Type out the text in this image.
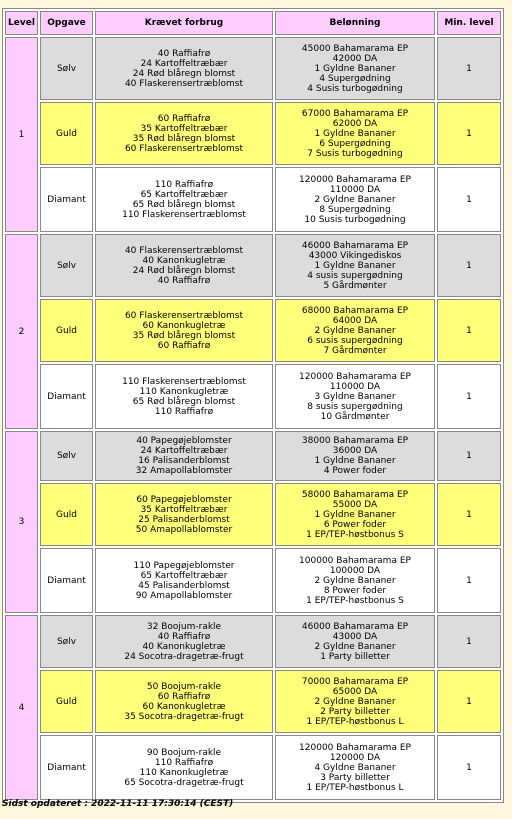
Level	Opgave	Krævet forbrug	Belønning	Min. level
1	Sølv	40 Raffiafrø
24 Kartoffeltræbær
24 Rød blåregn blomst
40 Flaskerensertræblomst	45000 Bahamarama EP
42000 DA
1 Gyldne Bananer
4 Supergødning
4 Susis turbogødning	1
	Guld	60 Raffiafrø
35 Kartoffeltræbær
35 Rød blåregn blomst
60 Flaskerensertræblomst	67000 Bahamarama EP
62000 DA
1 Gyldne Bananer
6 Supergødning
7 Susis turbogødning	1
	Diamant	110 Raffiafrø
65 Kartoffeltræbær
65 Rød blåregn blomst
110 Flaskerensertræblomst	120000 Bahamarama EP
110000 DA
2 Gyldne Bananer
8 Supergødning
10 Susis turbogødning	1
2	Sølv	40 Flaskerensertræblomst
40 Kanonkugletræ
24 Rød blåregn blomst
40 Raffiafrø	46000 Bahamarama EP
43000 Vikingediskos
1 Gyldne Bananer
4 susis supergødning
5 Gårdmønter	1
	Guld	60 Flaskerensertræblomst
60 Kanonkugletræ
35 Rød blåregn blomst
60 Raffiafrø	68000 Bahamarama EP
64000 DA
2 Gyldne Bananer
6 susis supergødning
7 Gårdmønter	1
	Diamant	110 Flaskerensertræblomst
110 Kanonkugletræ
65 Rød blåregn blomst
110 Raffiafrø	120000 Bahamarama EP
110000 DA
3 Gyldne Bananer
8 susis supergødning
10 Gårdmønter	1
3	Sølv	40 Papegøjeblomster
24 Kartoffeltræbær
16 Palisanderblomst
32 Amapollablomster	38000 Bahamarama EP
36000 DA
1 Gyldne Bananer
4 Power foder	1
	Guld	60 Papegøjeblomster
35 Kartoffeltræbær
25 Palisanderblomst
50 Amapollablomster	58000 Bahamarama EP
55000 DA
1 Gyldne Bananer
6 Power foder
1 EP/TEP-høstbonus S	1
	Diamant	110 Papegøjeblomster
65 Kartoffeltræbær
45 Palisanderblomst
90 Amapollablomster	100000 Bahamarama EP
100000 DA
2 Gyldne Bananer
8 Power foder
1 EP/TEP-høstbonus S	1
4	Sølv	32 Boojum-rakle
40 Raffiafrø
40 Kanonkugletræ
24 Socotra-dragetræ-frugt	46000 Bahamarama EP
43000 DA
2 Gyldne Bananer
1 Party billetter	1
	Guld	50 Boojum-rakle
60 Raffiafrø
60 Kanonkugletræ
35 Socotra-dragetræ-frugt	70000 Bahamarama EP
65000 DA
2 Gyldne Bananer
2 Party billetter
1 EP/TEP-høstbonus L	1
	Diamant	90 Boojum-rakle
110 Raffiafrø
110 Kanonkugletræ
65 Socotra-dragetræ-frugt	120000 Bahamarama EP
120000 DA
4 Gyldne Bananer
3 Party billetter
1 EP/TEP-høstbonus L	1
Sidst opdateret : 2022-11-11 17:30:14 (CEST)
